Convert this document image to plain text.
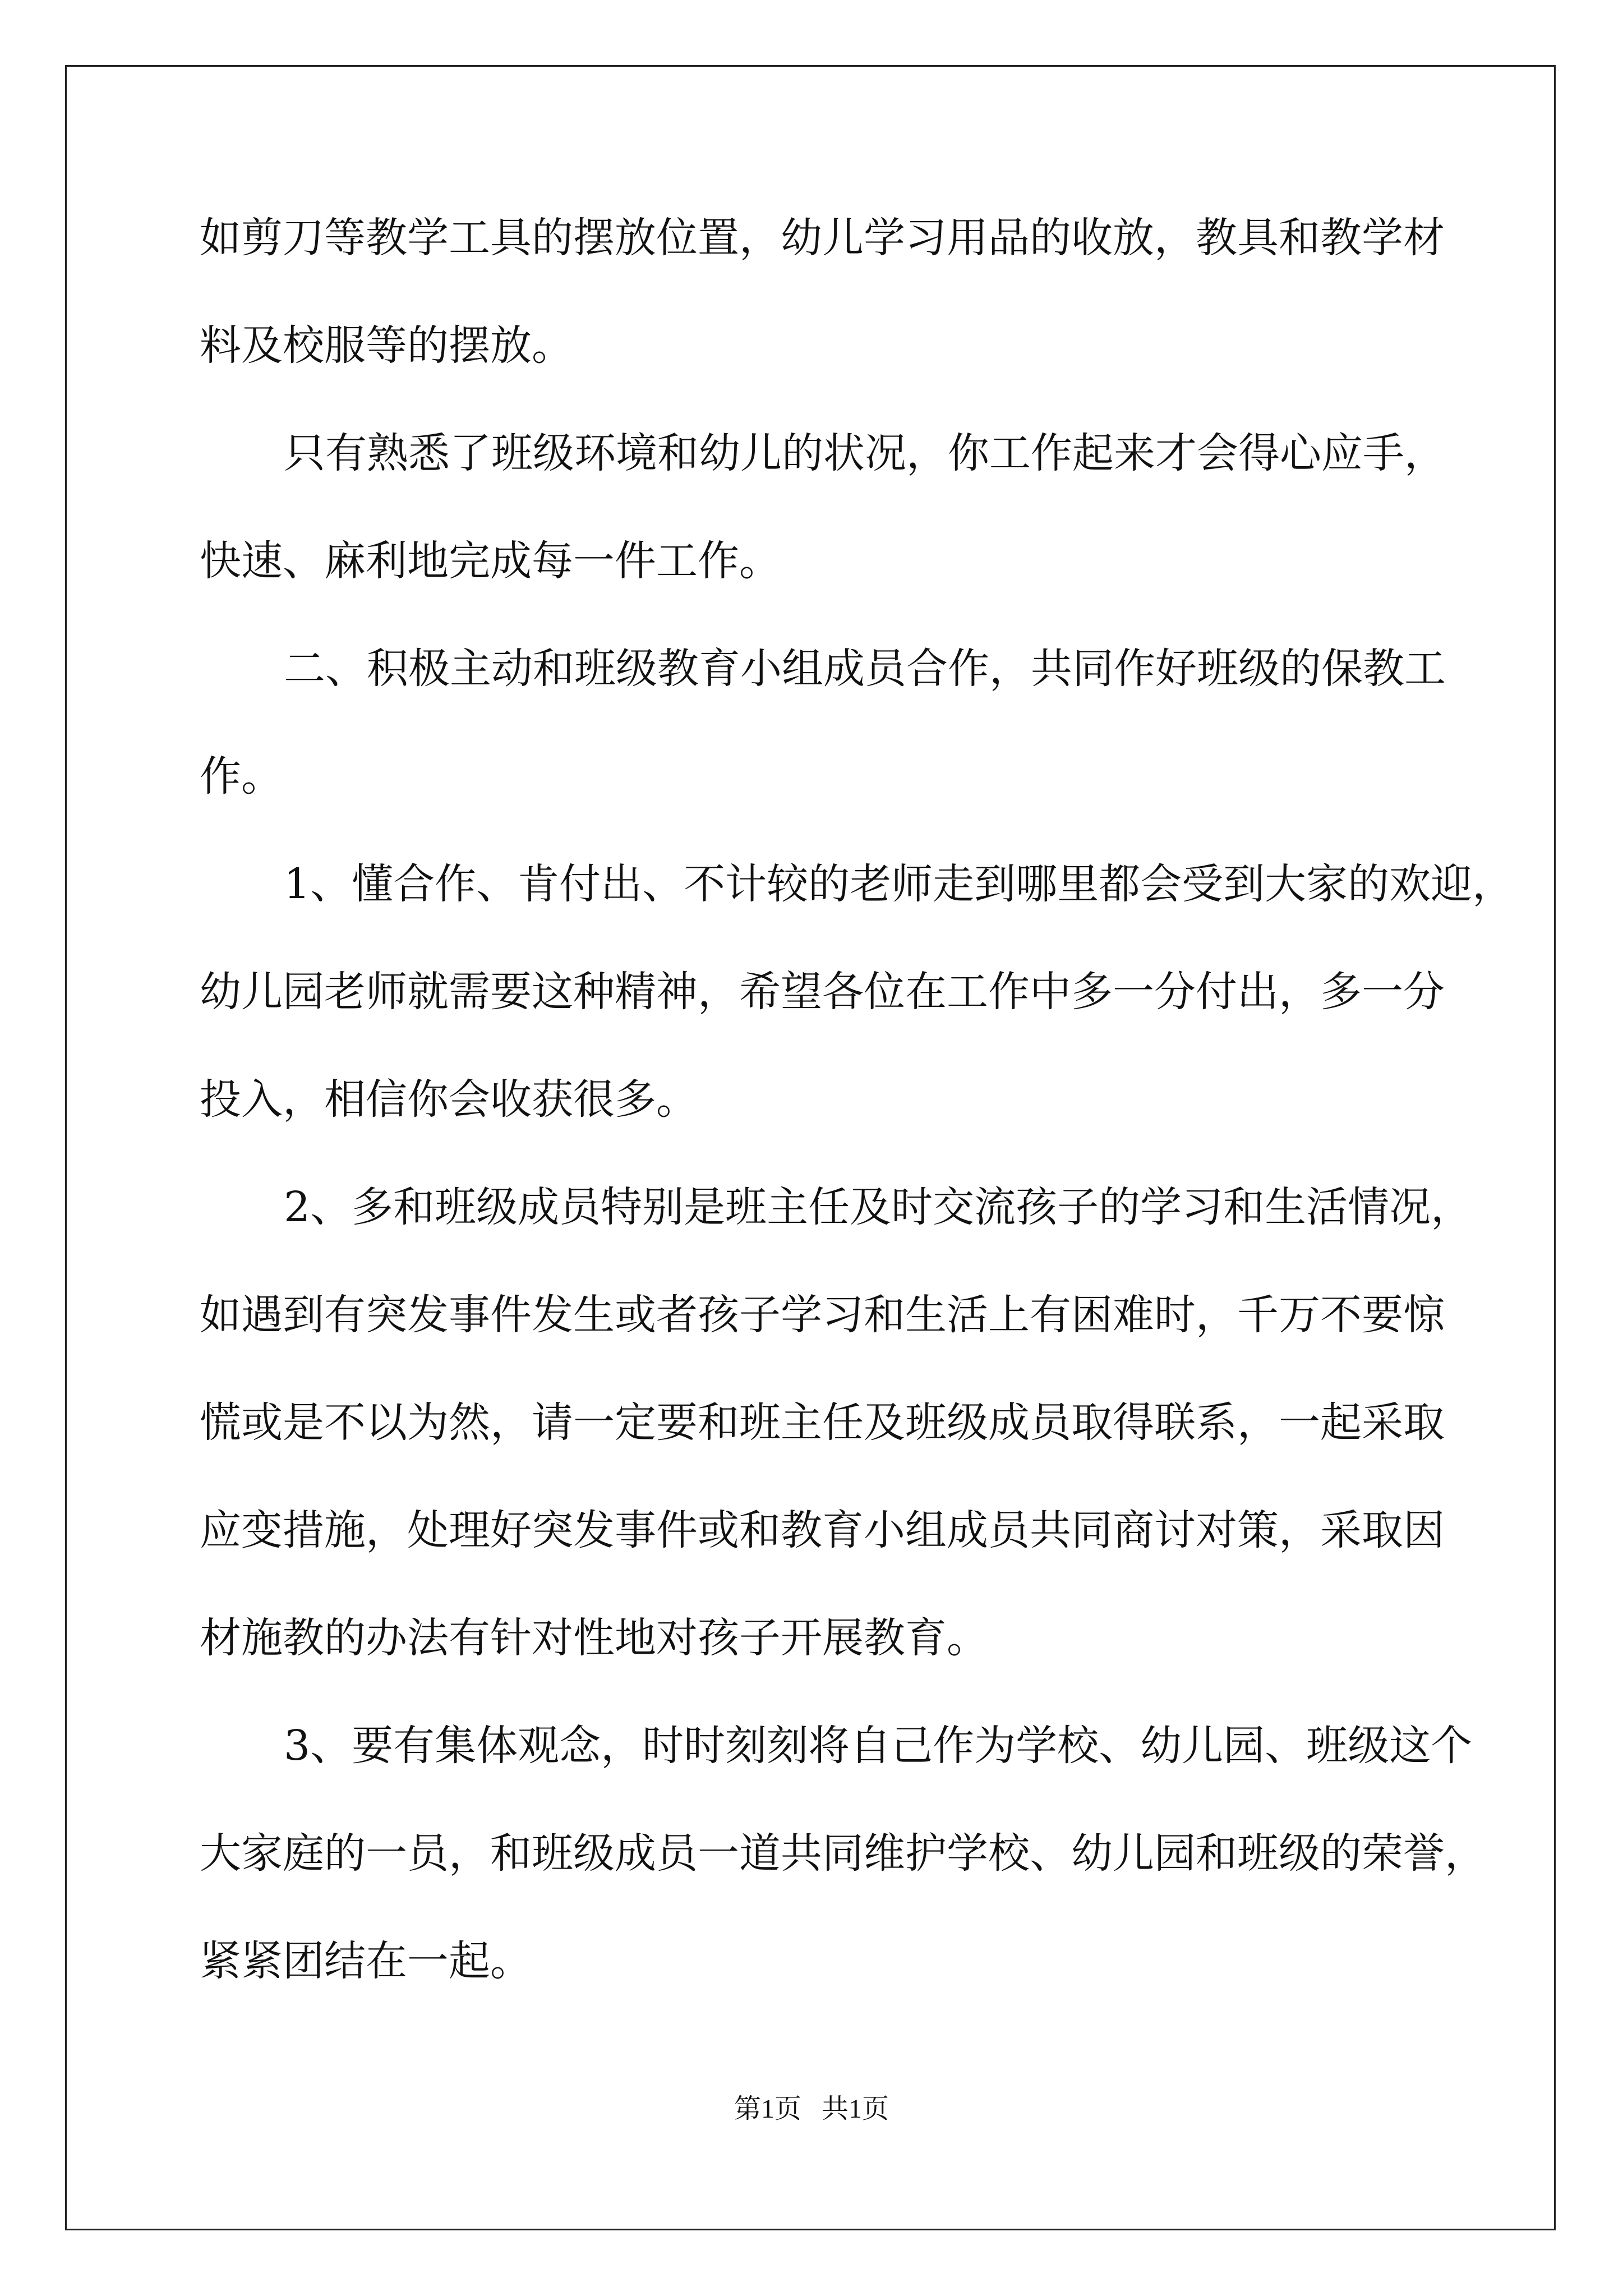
如剪刀等教学工具的摆放位置，幼儿学习用品的收放，教具和教学材
料及校服等的摆放。
只有熟悉了班级环境和幼儿的状况，你工作起来才会得心应手，
快速、麻利地完成每一件工作。
二、积极主动和班级教育小组成员合作，共同作好班级的保教工
作。
1、懂合作、肯付出、不计较的老师走到哪里都会受到大家的欢迎，
幼儿园老师就需要这种精神，希望各位在工作中多一分付出，多一分
投入，相信你会收获很多。
2、多和班级成员特别是班主任及时交流孩子的学习和生活情况，
如遇到有突发事件发生或者孩子学习和生活上有困难时，千万不要惊
慌或是不以为然，请一定要和班主任及班级成员取得联系，一起采取
应变措施，处理好突发事件或和教育小组成员共同商讨对策，采取因
材施教的办法有针对性地对孩子开展教育。
3、要有集体观念，时时刻刻将自己作为学校、幼儿园、班级这个
大家庭的一员，和班级成员一道共同维护学校、幼儿园和班级的荣誉，
紧紧团结在一起。
第1页 共1页
